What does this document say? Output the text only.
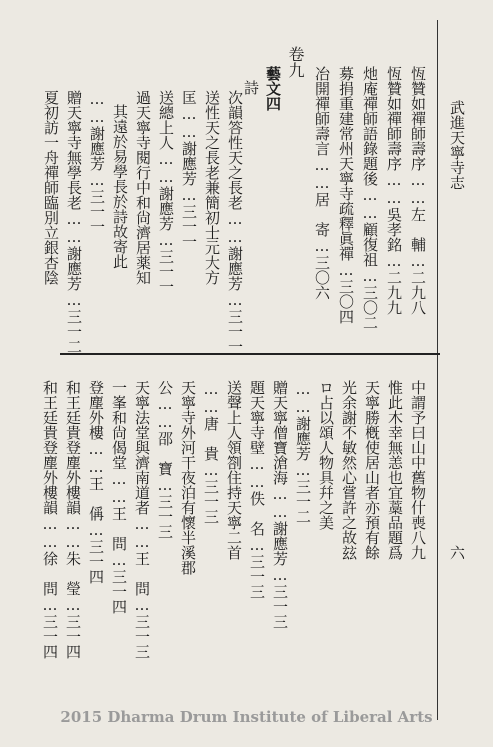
武進天寧寺志
六
恆贊如禪師壽序……左　輔…二九八
恆贊如禪師壽序……吳孝銘…二九九
灺庵禪師語錄題後……顧復祖…三〇二
募捐重建常州天寧寺疏釋眞禪…三〇四
冶開禪師壽言……居　寄…三〇六
卷九
藝文四
詩
次韻答性天之長老……謝應芳…三一一
送性天之長老兼簡初士元大方
匡……謝應芳…三一一
送總上人……謝應芳…三一一
過天寧寺閱行中和尙濟居薬知
其遠於易學長於詩故寄此
……謝應芳…三一一
贈天寧寺無學長老……謝應芳…三一二
夏初訪一舟禪師臨別立銀杏陰
中謂予曰山中舊物什喪八九
惟此木幸無恙也宜藁品題爲
天寧勝槪使居山者亦預有餘
光余謝不敏然心嘗許之故玆
ロ占以頌人物具幷之美
……謝應芳…三一二
贈天寧僧寶滄海……謝應芳…三一三
題天寧寺壁……佚　名…三一三
送聲上人領劄住持天寧二首
……唐　貴…三一三
天寧寺外河干夜泊有懷半溪郡
公……邵　寶…三一三
天寧法堂與濟南道者……王　問…三一三
一峯和尙偈堂……王　問…三一四
登塵外樓……王　偁…三一四
和王廷貴登塵外樓韻……朱　瑩…三一四
和王廷貴登塵外樓韻……徐　問…三一四
2015 Dharma Drum Institute of Liberal Arts
